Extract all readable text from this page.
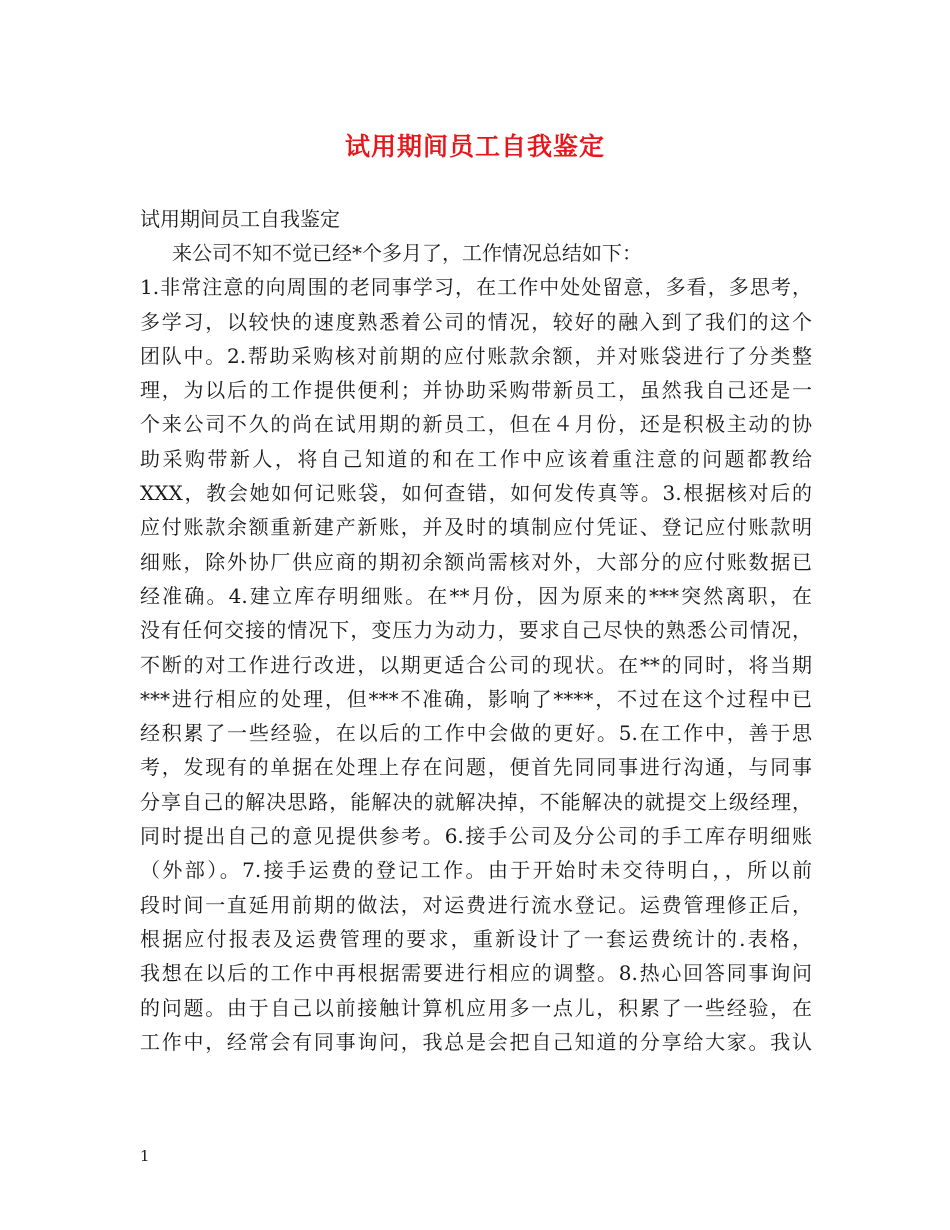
试用期间员工自我鉴定

试用期间员工自我鉴定

来公司不知不觉已经*个多月了，工作情况总结如下：
1.非常注意的向周围的老同事学习，在工作中处处留意，多看，多思考，
多学习，以较快的速度熟悉着公司的情况，较好的融入到了我们的这个
团队中。2.帮助采购核对前期的应付账款余额，并对账袋进行了分类整
理，为以后的工作提供便利；并协助采购带新员工，虽然我自己还是一
个来公司不久的尚在试用期的新员工，但在４月份，还是积极主动的协
助采购带新人，将自己知道的和在工作中应该着重注意的问题都教给
XXX，教会她如何记账袋，如何查错，如何发传真等。3.根据核对后的
应付账款余额重新建产新账，并及时的填制应付凭证、登记应付账款明
细账，除外协厂供应商的期初余额尚需核对外，大部分的应付账数据已
经准确。4.建立库存明细账。在**月份，因为原来的***突然离职，在
没有任何交接的情况下，变压力为动力，要求自己尽快的熟悉公司情况，
不断的对工作进行改进，以期更适合公司的现状。在**的同时，将当期
***进行相应的处理，但***不准确，影响了****，不过在这个过程中已
经积累了一些经验，在以后的工作中会做的更好。5.在工作中，善于思
考，发现有的单据在处理上存在问题，便首先同同事进行沟通，与同事
分享自己的解决思路，能解决的就解决掉，不能解决的就提交上级经理，
同时提出自己的意见提供参考。6.接手公司及分公司的手工库存明细账
（外部）。7.接手运费的登记工作。由于开始时未交待明白，，所以前
段时间一直延用前期的做法，对运费进行流水登记。运费管理修正后，
根据应付报表及运费管理的要求，重新设计了一套运费统计的.表格，
我想在以后的工作中再根据需要进行相应的调整。8.热心回答同事询问
的问题。由于自己以前接触计算机应用多一点儿，积累了一些经验，在
工作中，经常会有同事询问，我总是会把自己知道的分享给大家。我认
1
